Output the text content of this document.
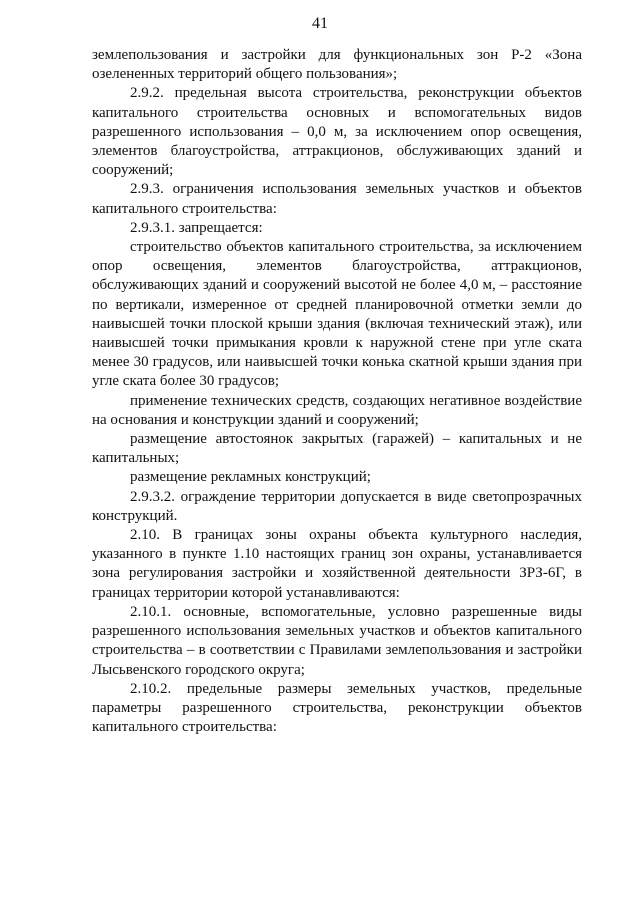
41

землепользования и застройки для функциональных зон Р-2 «Зона озелененных территорий общего пользования»;

2.9.2. предельная высота строительства, реконструкции объектов капитального строительства основных и вспомогательных видов разрешенного использования – 0,0 м, за исключением опор освещения, элементов благоустройства, аттракционов, обслуживающих зданий и сооружений;

2.9.3. ограничения использования земельных участков и объектов капитального строительства:

2.9.3.1. запрещается:

строительство объектов капитального строительства, за исключением опор освещения, элементов благоустройства, аттракционов, обслуживающих зданий и сооружений высотой не более 4,0 м, – расстояние по вертикали, измеренное от средней планировочной отметки земли до наивысшей точки плоской крыши здания (включая технический этаж), или наивысшей точки примыкания кровли к наружной стене при угле ската менее 30 градусов, или наивысшей точки конька скатной крыши здания при угле ската более 30 градусов;

применение технических средств, создающих негативное воздействие на основания и конструкции зданий и сооружений;

размещение автостоянок закрытых (гаражей) – капитальных и не капитальных;

размещение рекламных конструкций;

2.9.3.2. ограждение территории допускается в виде светопрозрачных конструкций.

2.10. В границах зоны охраны объекта культурного наследия, указанного в пункте 1.10 настоящих границ зон охраны, устанавливается зона регулирования застройки и хозяйственной деятельности ЗРЗ-6Г, в границах территории которой устанавливаются:

2.10.1. основные, вспомогательные, условно разрешенные виды разрешенного использования земельных участков и объектов капитального строительства – в соответствии с Правилами землепользования и застройки Лысьвенского городского округа;

2.10.2. предельные размеры земельных участков, предельные параметры разрешенного строительства, реконструкции объектов капитального строительства:
